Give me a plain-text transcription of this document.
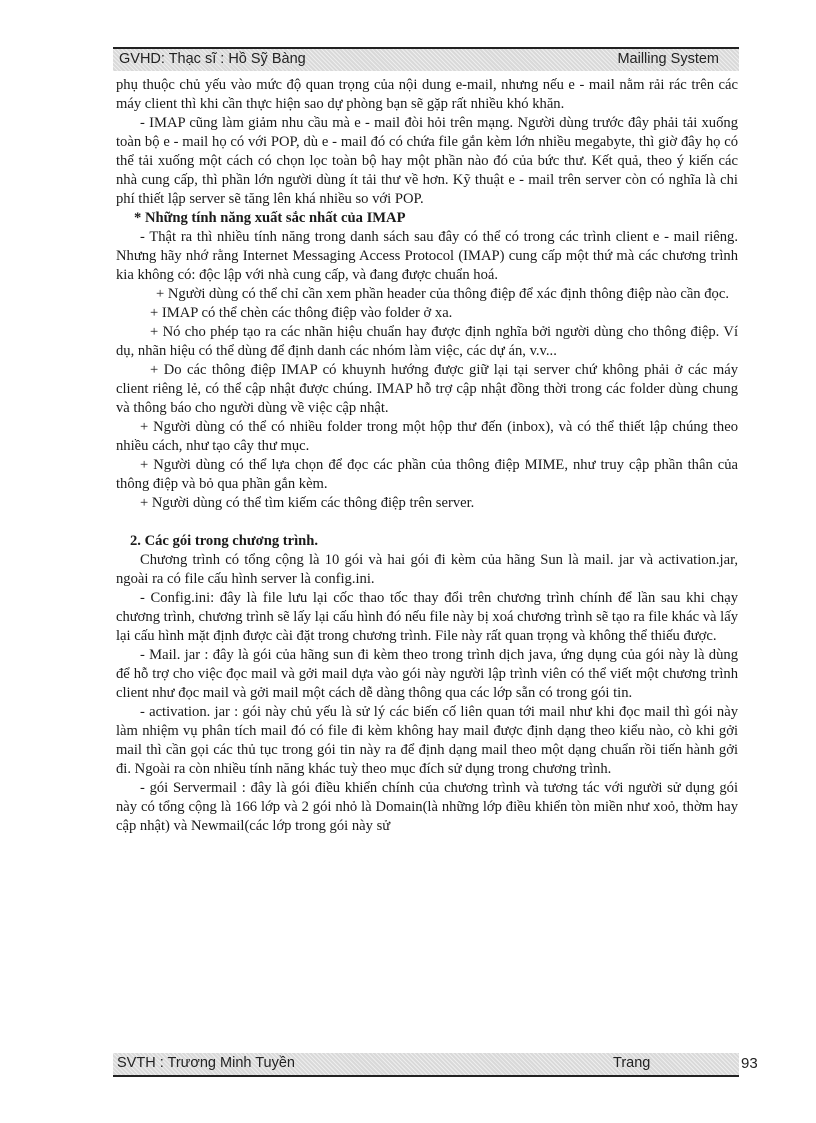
GVHD: Thạc sĩ : Hồ Sỹ Bàng	Mailling System

phụ thuộc chủ yếu vào mức độ quan trọng của nội dung e-mail, nhưng nếu e - mail nằm rải rác trên các máy client thì khi cần thực hiện sao dự phòng bạn sẽ gặp rất nhiều khó khăn.

- IMAP cũng làm giảm nhu cầu mà e - mail đòi hỏi trên mạng. Người dùng trước đây phải tải xuống toàn bộ e - mail họ có với POP, dù e - mail đó có chứa file gắn kèm lớn nhiều megabyte, thì giờ đây họ có thể tải xuống một cách có chọn lọc toàn bộ hay một phần nào đó của bức thư. Kết quả, theo ý kiến các nhà cung cấp, thì phần lớn người dùng ít tải thư về hơn. Kỹ thuật e - mail trên server còn có nghĩa là chi phí thiết lập server sẽ tăng lên khá nhiều so với POP.

* Những tính năng xuất sắc nhất của IMAP

- Thật ra thì nhiều tính năng trong danh sách sau đây có thể có trong các trình client e - mail riêng. Nhưng hãy nhớ rằng Internet Messaging Access Protocol (IMAP) cung cấp một thứ mà các chương trình kia không có: độc lập với nhà cung cấp, và đang được chuẩn hoá.

+ Người dùng có thể chỉ cần xem phần header của thông điệp để xác định thông điệp nào cần đọc.

+ IMAP có thể chèn các thông điệp vào folder ở xa.

+ Nó cho phép tạo ra các nhãn hiệu chuẩn hay được định nghĩa bởi người dùng cho thông điệp. Ví dụ, nhãn hiệu có thể dùng để định danh các nhóm làm việc, các dự án, v.v...

+ Do các thông điệp IMAP có khuynh hướng được giữ lại tại server chứ không phải ở các máy client riêng lẻ, có thể cập nhật được chúng. IMAP hỗ trợ cập nhật đồng thời trong các folder dùng chung và thông báo cho người dùng về việc cập nhật.

+ Người dùng có thể có nhiều folder trong một hộp thư đến (inbox), và có thể thiết lập chúng theo nhiều cách, như tạo cây thư mục.

+ Người dùng có thể lựa chọn để đọc các phần của thông điệp MIME, như truy cập phần thân của thông điệp và bỏ qua phần gắn kèm.

+ Người dùng có thể tìm kiếm các thông điệp trên server.

2. Các gói trong chương trình.

Chương trình có tổng cộng là 10 gói và hai gói đi kèm của hãng Sun là mail. jar và activation.jar, ngoài ra có file cấu hình server là config.ini.

- Config.ini: đây là file lưu lại cốc thao tốc thay đổi trên chương trình chính để lần sau khi chạy chương trình, chương trình sẽ lấy lại cấu hình đó nếu file này bị xoá chương trình sẽ tạo ra file khác và lấy lại cấu hình mặt định được cài đặt trong chương trình. File này rất quan trọng và không thể thiếu được.

- Mail. jar : đây là gói của hãng sun đi kèm theo trong trình dịch java, ứng dụng của gói này là dùng để hỗ trợ cho việc đọc mail và gởi mail dựa vào gói này người lập trình viên có thể viết một chương trình client như đọc mail và gởi mail một cách dễ dàng thông qua các lớp sẵn có trong gói tin.

- activation. jar : gói này chủ yếu là sử lý các biến cố liên quan tới mail như khi đọc mail thì gói này làm nhiệm vụ phân tích mail đó có file đi kèm không hay mail được định dạng theo kiểu nào, cò khi gởi mail thì cần gọi các thủ tục trong gói tin này ra để định dạng mail theo một dạng chuẩn rồi tiến hành gởi đi. Ngoài ra còn nhiều tính năng khác tuỳ theo mục đích sử dụng trong chương trình.

- gói Servermail : đây là gói điều khiển chính của chương trình và tương tác với người sử dụng gói này có tổng cộng là 166 lớp và 2 gói nhỏ là Domain(là những lớp điều khiển tòn miền như xoỏ, thờm hay cập nhật) và Newmail(các lớp trong gói này sử

SVTH : Trương Minh Tuyền	Trang	93
